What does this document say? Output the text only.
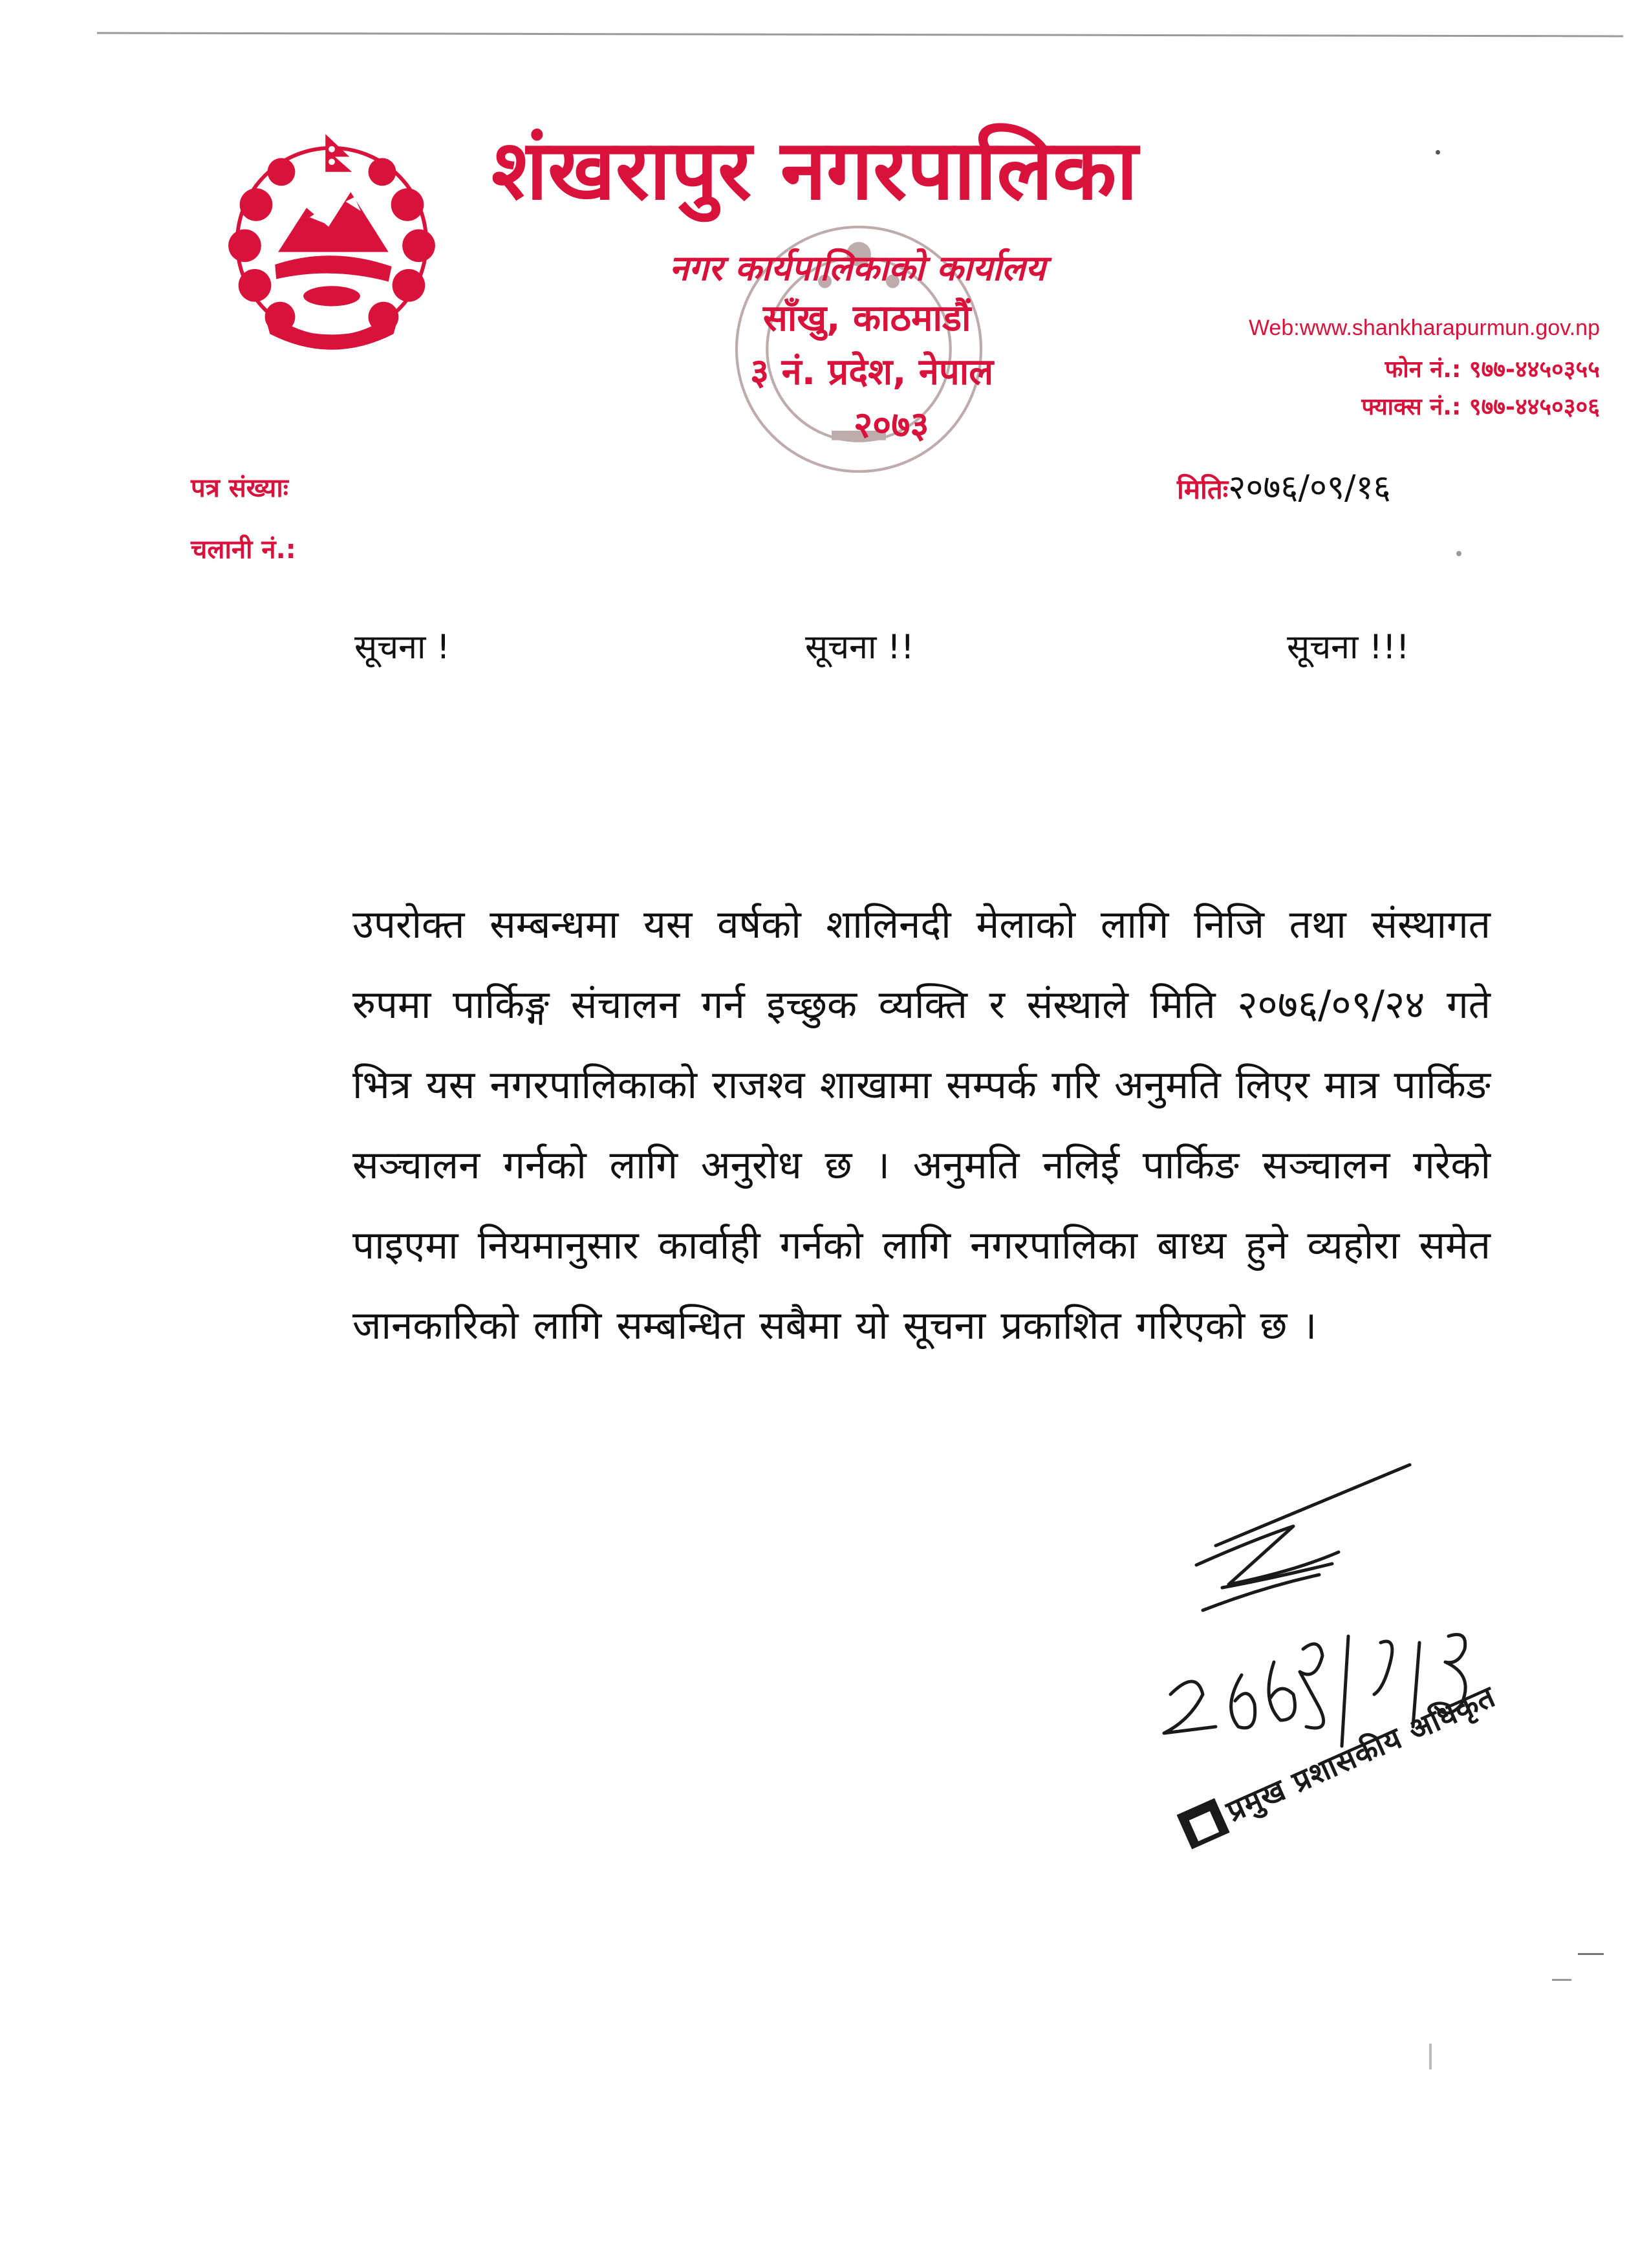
शंखरापुर नगरपालिका
नगर कार्यपालिकाको कार्यालय
साँखु, काठमाडौं
३ नं. प्रदेश, नेपाल
२०७३
Web:www.shankharapurmun.gov.np
फोन नं.: ९७७-४४५०३५५
फ्याक्स नं.: ९७७-४४५०३०६
पत्र संख्याः
चलानी नं.:
मितिः२०७६/०९/१६
सूचना !	सूचना !!	सूचना !!!
उपरोक्त सम्बन्धमा यस वर्षको शालिनदी मेलाको लागि निजि तथा संस्थागत रुपमा पार्किङ्ग संचालन गर्न इच्छुक व्यक्ति र संस्थाले मिति २०७६/०९/२४ गते भित्र यस नगरपालिकाको राजश्व शाखामा सम्पर्क गरि अनुमति लिएर मात्र पार्किङ सञ्चालन गर्नको लागि अनुरोध छ । अनुमति नलिई पार्किङ सञ्चालन गरेको पाइएमा नियमानुसार कार्वाही गर्नको लागि नगरपालिका बाध्य हुने व्यहोरा समेत जानकारिको लागि सम्बन्धित सबैमा यो सूचना प्रकाशित गरिएको छ ।
■प्रमुख प्रशासकीय अधिकृत
